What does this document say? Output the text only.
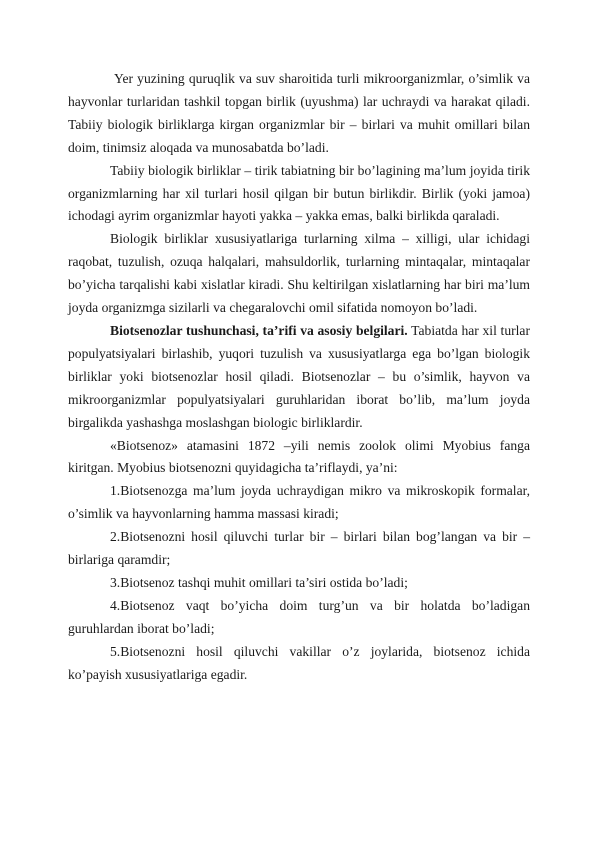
Yer yuzining quruqlik va suv sharoitida turli mikroorganizmlar, o’simlik va hayvonlar turlaridan tashkil topgan birlik (uyushma) lar uchraydi va harakat qiladi. Tabiiy biologik birliklarga kirgan organizmlar bir – birlari va muhit omillari bilan doim, tinimsiz aloqada va munosabatda bo’ladi.

Tabiiy biologik birliklar – tirik tabiatning bir bo’lagining ma’lum joyida tirik organizmlarning har xil turlari hosil qilgan bir butun birlikdir. Birlik (yoki jamoa) ichodagi ayrim organizmlar hayoti yakka – yakka emas, balki birlikda qaraladi.

Biologik birliklar xususiyatlariga turlarning xilma – xilligi, ular ichidagi raqobat, tuzulish, ozuqa halqalari, mahsuldorlik, turlarning mintaqalar, mintaqalar bo’yicha tarqalishi kabi xislatlar kiradi. Shu keltirilgan xislatlarning har biri ma’lum joyda organizmga sizilarli va chegaralovchi omil sifatida nomoyon bo’ladi.

Biotsenozlar tushunchasi, ta’rifi va asosiy belgilari. Tabiatda har xil turlar populyatsiyalari birlashib, yuqori tuzulish va xususiyatlarga ega bo’lgan biologik birliklar yoki biotsenozlar hosil qiladi. Biotsenozlar – bu o’simlik, hayvon va mikroorganizmlar populyatsiyalari guruhlaridan iborat bo’lib, ma’lum joyda birgalikda yashashga moslashgan biologic birliklardir.

«Biotsenoz» atamasini 1872 –yili nemis zoolok olimi Myobius fanga kiritgan. Myobius biotsenozni quyidagicha ta’riflaydi, ya’ni:

1.Biotsenozga ma’lum joyda uchraydigan mikro va mikroskopik formalar, o’simlik va hayvonlarning hamma massasi kiradi;

2.Biotsenozni hosil qiluvchi turlar bir – birlari bilan bog’langan va bir – birlariga qaramdir;

3.Biotsenoz tashqi muhit omillari ta’siri ostida bo’ladi;

4.Biotsenoz vaqt bo’yicha doim turg’un va bir holatda bo’ladigan guruhlardan iborat bo’ladi;

5.Biotsenozni hosil qiluvchi vakillar o’z joylarida, biotsenoz ichida ko’payish xususiyatlariga egadir.
